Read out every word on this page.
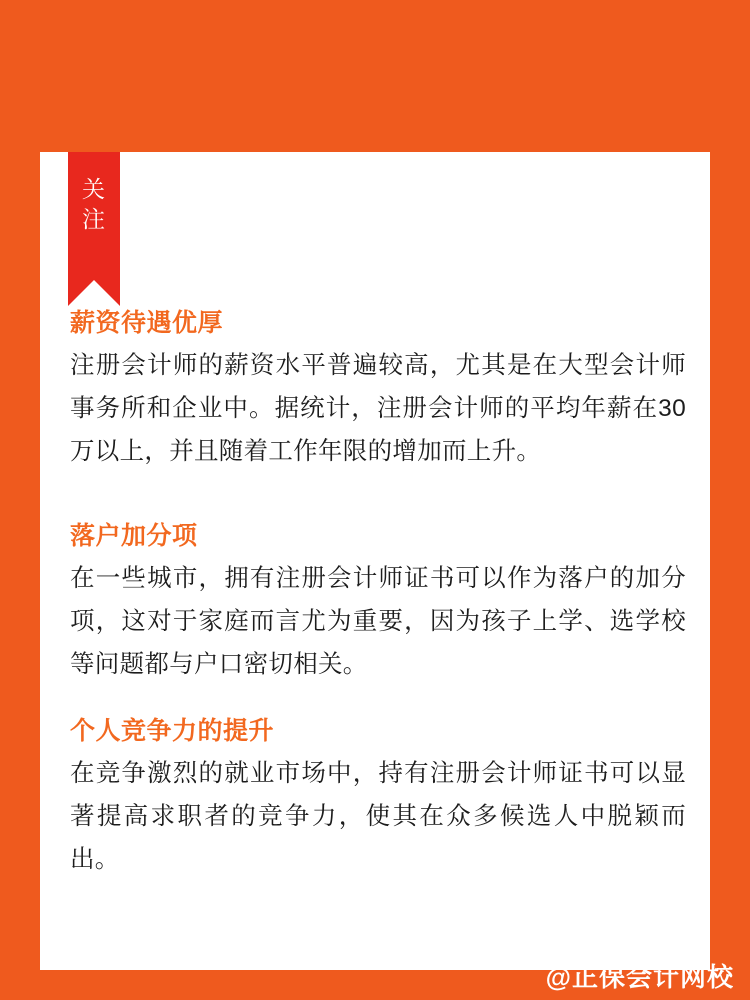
关
注
薪资待遇优厚

注册会计师的薪资水平普遍较高，尤其是在大型会计师事务所和企业中。据统计，注册会计师的平均年薪在30万以上，并且随着工作年限的增加而上升。

落户加分项

在一些城市，拥有注册会计师证书可以作为落户的加分项，这对于家庭而言尤为重要，因为孩子上学、选学校等问题都与户口密切相关。

个人竞争力的提升

在竞争激烈的就业市场中，持有注册会计师证书可以显著提高求职者的竞争力，使其在众多候选人中脱颖而出。

@正保会计网校
